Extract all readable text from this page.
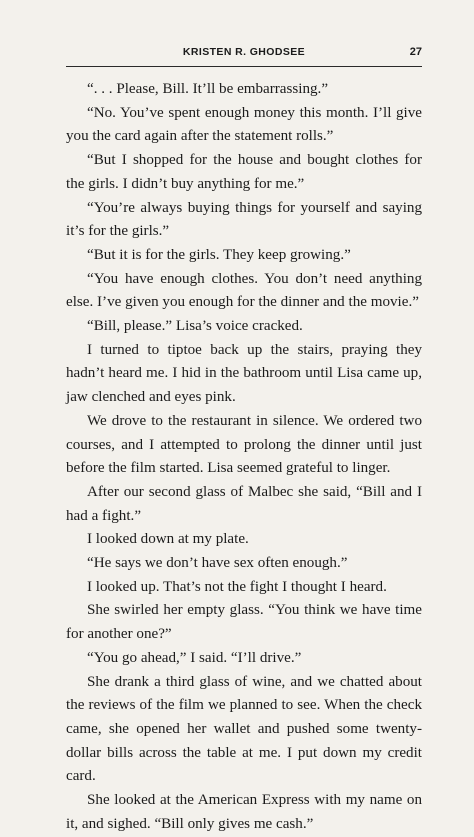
KRISTEN R. GHODSEE	27

“. . . Please, Bill. It’ll be embarrassing.”

“No. You’ve spent enough money this month. I’ll give you the card again after the statement rolls.”

“But I shopped for the house and bought clothes for the girls. I didn’t buy anything for me.”

“You’re always buying things for yourself and saying it’s for the girls.”

“But it is for the girls. They keep growing.”

“You have enough clothes. You don’t need anything else. I’ve given you enough for the dinner and the movie.”

“Bill, please.” Lisa’s voice cracked.

I turned to tiptoe back up the stairs, praying they hadn’t heard me. I hid in the bathroom until Lisa came up, jaw clenched and eyes pink.

We drove to the restaurant in silence. We ordered two courses, and I attempted to prolong the dinner until just before the film started. Lisa seemed grateful to linger.

After our second glass of Malbec she said, “Bill and I had a fight.”

I looked down at my plate.

“He says we don’t have sex often enough.”

I looked up. That’s not the fight I thought I heard.

She swirled her empty glass. “You think we have time for another one?”

“You go ahead,” I said. “I’ll drive.”

She drank a third glass of wine, and we chatted about the reviews of the film we planned to see. When the check came, she opened her wallet and pushed some twenty-dollar bills across the table at me. I put down my credit card.

She looked at the American Express with my name on it, and sighed. “Bill only gives me cash.”
